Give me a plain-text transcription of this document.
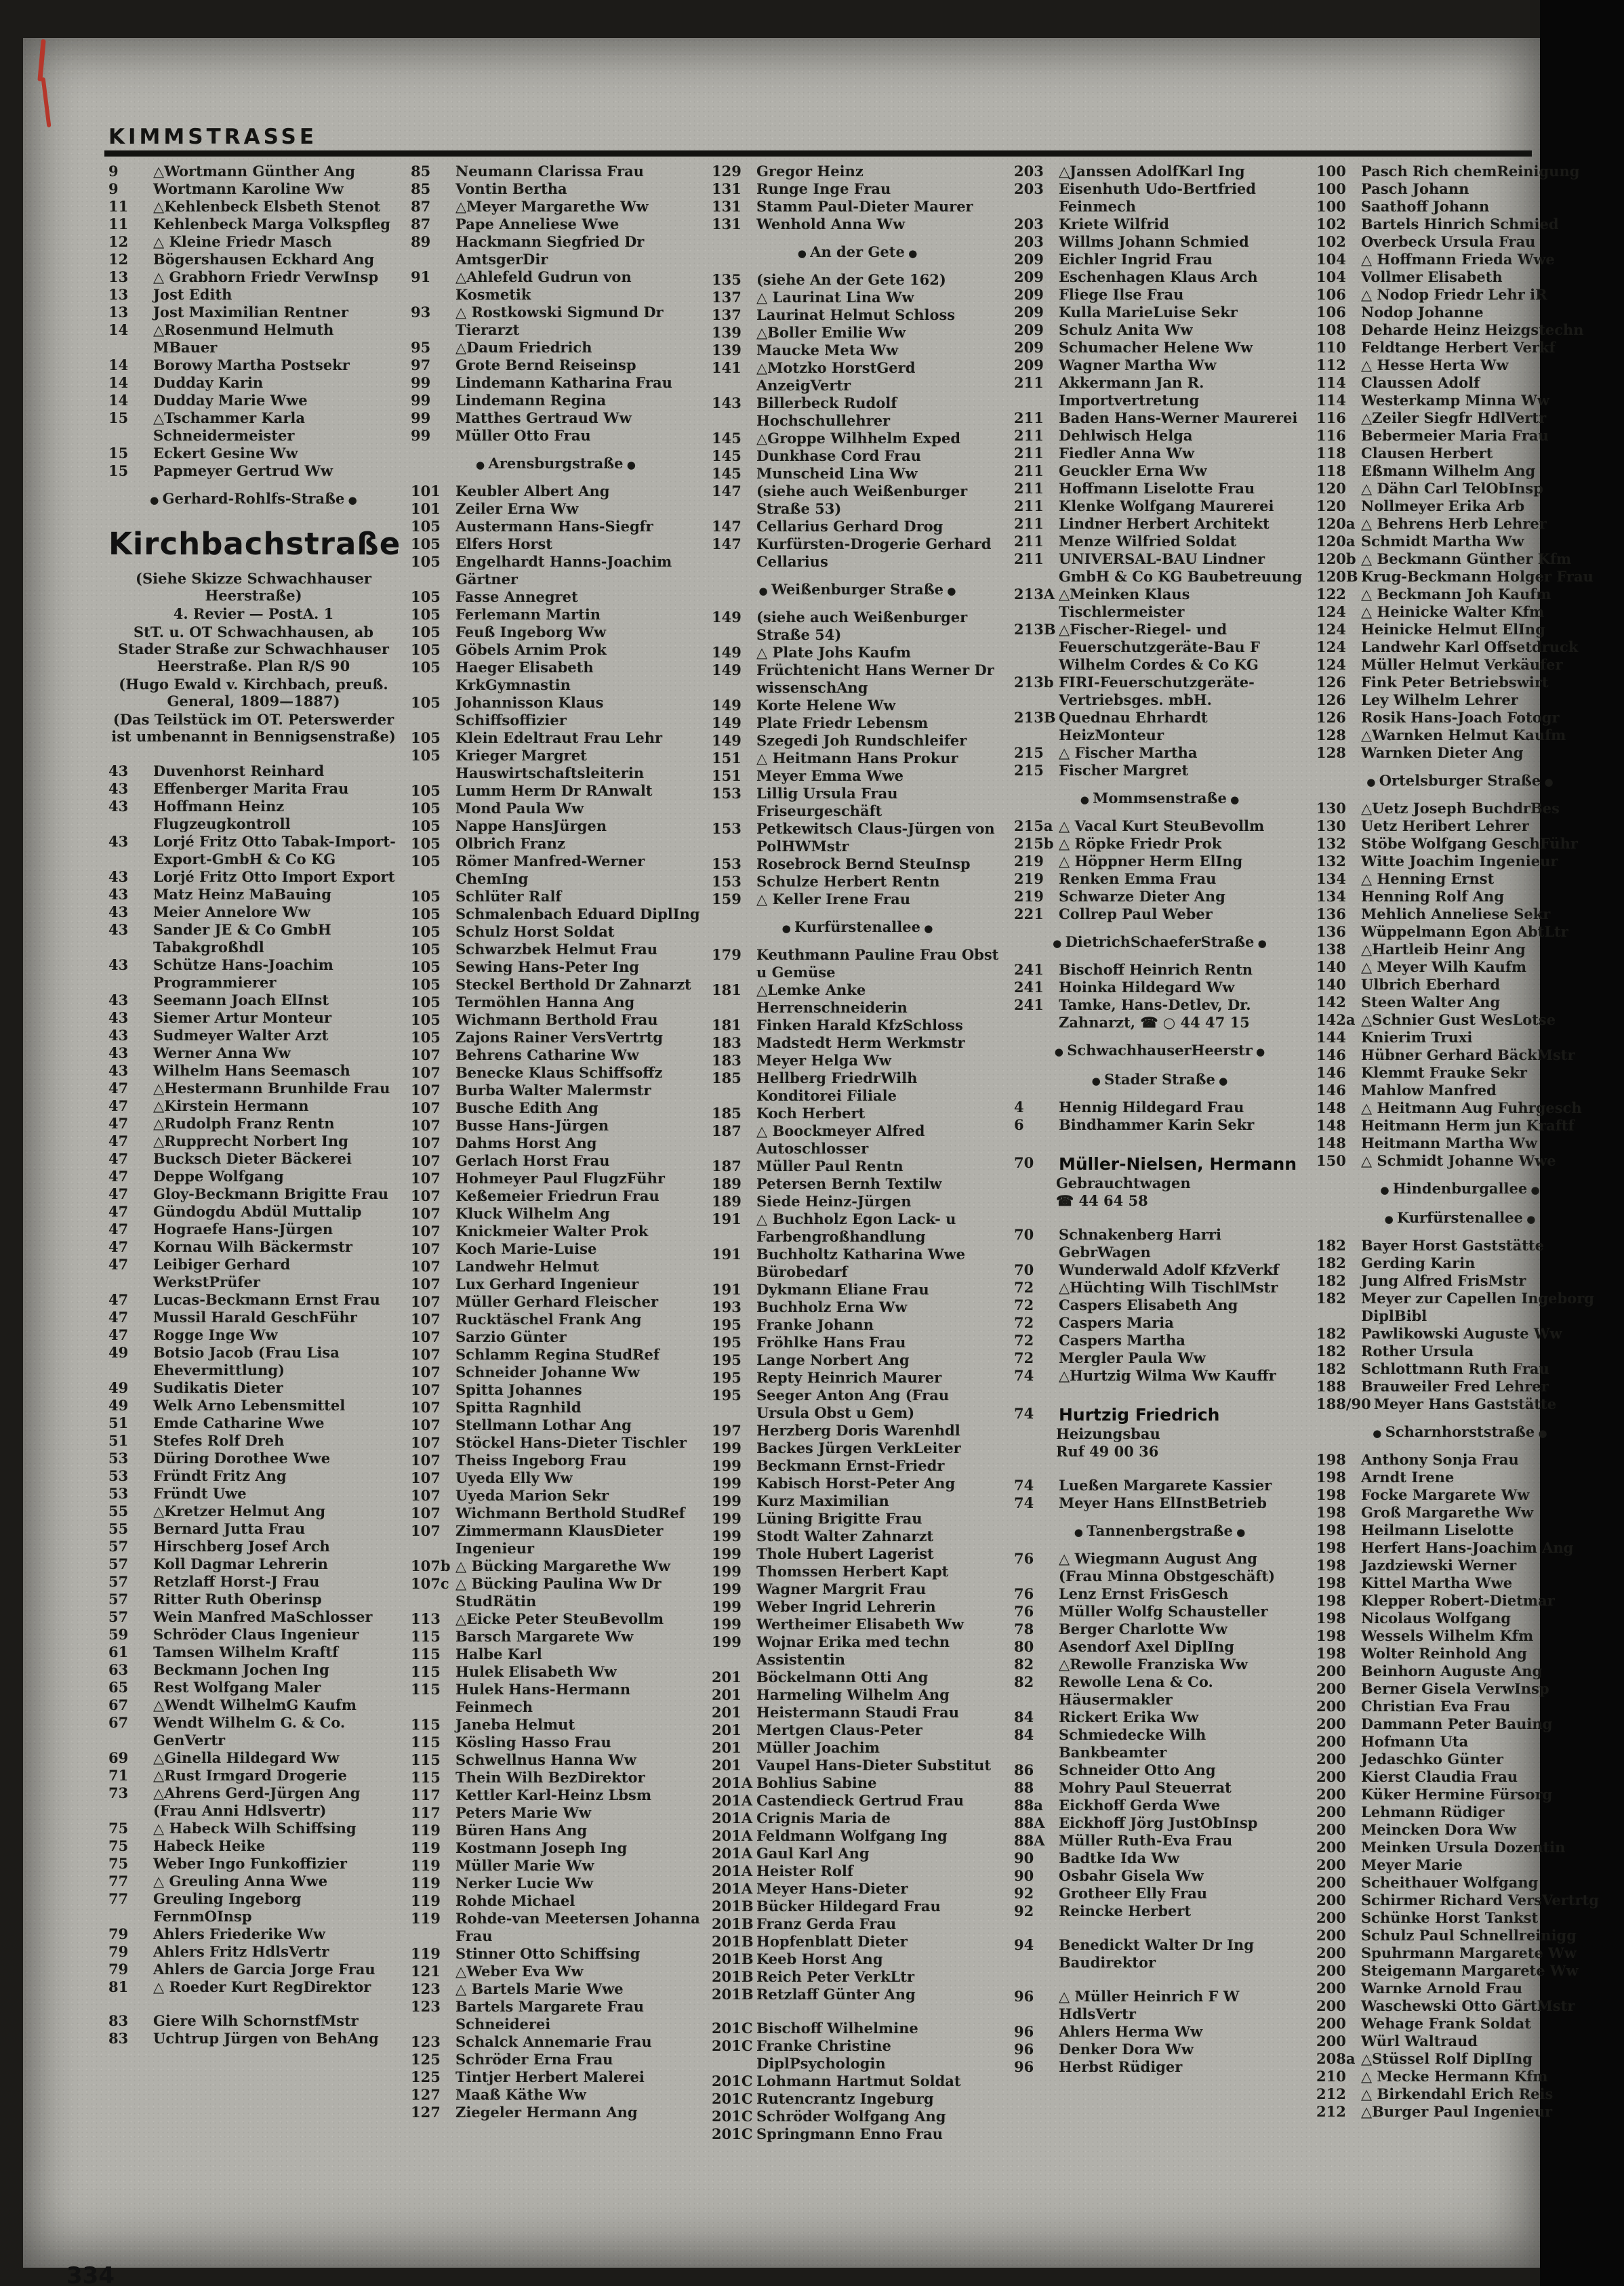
KIMMSTRASSE
9	△Wortmann Günther Ang
9	Wortmann Karoline Ww
11	△Kehlenbeck Elsbeth Stenot
11	Kehlenbeck Marga Volkspfleg
12	△ Kleine Friedr Masch
12	Bögershausen Eckhard Ang
13	△ Grabhorn Friedr VerwInsp
13	Jost Edith
13	Jost Maximilian Rentner
14	△Rosenmund Helmuth MBauer
14	Borowy Martha Postsekr
14	Dudday Karin
14	Dudday Marie Wwe
15	△Tschammer Karla Schneidermeister
15	Eckert Gesine Ww
15	Papmeyer Gertrud Ww
● Gerhard-Rohlfs-Straße ●
Kirchbachstraße
(Siehe Skizze Schwachhauser Heerstraße)
4. Revier — PostA. 1
StT. u. OT Schwachhausen, ab Stader Straße zur Schwachhauser Heerstraße. Plan R/S 90
(Hugo Ewald v. Kirchbach, preuß. General, 1809—1887)
(Das Teilstück im OT. Peterswerder ist umbenannt in Bennigsenstraße)
43	Duvenhorst Reinhard
43	Effenberger Marita Frau
43	Hoffmann Heinz Flugzeugkontroll
43	Lorjé Fritz Otto Tabak-Import-Export-GmbH & Co KG
43	Lorjé Fritz Otto Import Export
43	Matz Heinz MaBauing
43	Meier Annelore Ww
43	Sander JE & Co GmbH Tabakgroßhdl
43	Schütze Hans-Joachim Programmierer
43	Seemann Joach ElInst
43	Siemer Artur Monteur
43	Sudmeyer Walter Arzt
43	Werner Anna Ww
43	Wilhelm Hans Seemasch
47	△Hestermann Brunhilde Frau
47	△Kirstein Hermann
47	△Rudolph Franz Rentn
47	△Rupprecht Norbert Ing
47	Bucksch Dieter Bäckerei
47	Deppe Wolfgang
47	Gloy-Beckmann Brigitte Frau
47	Gündogdu Abdül Muttalip
47	Hograefe Hans-Jürgen
47	Kornau Wilh Bäckermstr
47	Leibiger Gerhard WerkstPrüfer
47	Lucas-Beckmann Ernst Frau
47	Mussil Harald GeschFühr
47	Rogge Inge Ww
49	Botsio Jacob (Frau Lisa Ehevermittlung)
49	Sudikatis Dieter
49	Welk Arno Lebensmittel
51	Emde Catharine Wwe
51	Stefes Rolf Dreh
53	Düring Dorothee Wwe
53	Fründt Fritz Ang
53	Fründt Uwe
55	△Kretzer Helmut Ang
55	Bernard Jutta Frau
57	Hirschberg Josef Arch
57	Koll Dagmar Lehrerin
57	Retzlaff Horst-J Frau
57	Ritter Ruth Oberinsp
57	Wein Manfred MaSchlosser
59	Schröder Claus Ingenieur
61	Tamsen Wilhelm Kraftf
63	Beckmann Jochen Ing
65	Rest Wolfgang Maler
67	△Wendt WilhelmG Kaufm
67	Wendt Wilhelm G. & Co. GenVertr
69	△Ginella Hildegard Ww
71	△Rust Irmgard Drogerie
73	△Ahrens Gerd-Jürgen Ang (Frau Anni Hdlsvertr)
75	△ Habeck Wilh Schiffsing
75	Habeck Heike
75	Weber Ingo Funkoffizier
77	△ Greuling Anna Wwe
77	Greuling Ingeborg FernmOInsp
79	Ahlers Friederike Ww
79	Ahlers Fritz HdlsVertr
79	Ahlers de Garcia Jorge Frau
81	△ Roeder Kurt RegDirektor
83	Giere Wilh SchornstfMstr
83	Uchtrup Jürgen von BehAng
85	Neumann Clarissa Frau
85	Vontin Bertha
87	△Meyer Margarethe Ww
87	Pape Anneliese Wwe
89	Hackmann Siegfried Dr AmtsgerDir
91	△Ahlefeld Gudrun von Kosmetik
93	△ Rostkowski Sigmund Dr Tierarzt
95	△Daum Friedrich
97	Grote Bernd Reiseinsp
99	Lindemann Katharina Frau
99	Lindemann Regina
99	Matthes Gertraud Ww
99	Müller Otto Frau
● Arensburgstraße ●
101	Keubler Albert Ang
101	Zeiler Erna Ww
105	Austermann Hans-Siegfr
105	Elfers Horst
105	Engelhardt Hanns-Joachim Gärtner
105	Fasse Annegret
105	Ferlemann Martin
105	Feuß Ingeborg Ww
105	Göbels Arnim Prok
105	Haeger Elisabeth KrkGymnastin
105	Johannisson Klaus Schiffsoffizier
105	Klein Edeltraut Frau Lehr
105	Krieger Margret Hauswirtschaftsleiterin
105	Lumm Herm Dr RAnwalt
105	Mond Paula Ww
105	Nappe HansJürgen
105	Olbrich Franz
105	Römer Manfred-Werner ChemIng
105	Schlüter Ralf
105	Schmalenbach Eduard DiplIng
105	Schulz Horst Soldat
105	Schwarzbek Helmut Frau
105	Sewing Hans-Peter Ing
105	Steckel Berthold Dr Zahnarzt
105	Termöhlen Hanna Ang
105	Wichmann Berthold Frau
105	Zajons Rainer VersVertrtg
107	Behrens Catharine Ww
107	Benecke Klaus Schiffsoffz
107	Burba Walter Malermstr
107	Busche Edith Ang
107	Busse Hans-Jürgen
107	Dahms Horst Ang
107	Gerlach Horst Frau
107	Hohmeyer Paul FlugzFühr
107	Keßemeier Friedrun Frau
107	Kluck Wilhelm Ang
107	Knickmeier Walter Prok
107	Koch Marie-Luise
107	Landwehr Helmut
107	Lux Gerhard Ingenieur
107	Müller Gerhard Fleischer
107	Rucktäschel Frank Ang
107	Sarzio Günter
107	Schlamm Regina StudRef
107	Schneider Johanne Ww
107	Spitta Johannes
107	Spitta Ragnhild
107	Stellmann Lothar Ang
107	Stöckel Hans-Dieter Tischler
107	Theiss Ingeborg Frau
107	Uyeda Elly Ww
107	Uyeda Marion Sekr
107	Wichmann Berthold StudRef
107	Zimmermann KlausDieter Ingenieur
107b △ Bücking Margarethe Ww
107c △ Bücking Paulina Ww Dr StudRätin
113	△Eicke Peter SteuBevollm
115	Barsch Margarete Ww
115	Halbe Karl
115	Hulek Elisabeth Ww
115	Hulek Hans-Hermann Feinmech
115	Janeba Helmut
115	Kösling Hasso Frau
115	Schwellnus Hanna Ww
115	Thein Wilh BezDirektor
117	Kettler Karl-Heinz Lbsm
117	Peters Marie Ww
119	Büren Hans Ang
119	Kostmann Joseph Ing
119	Müller Marie Ww
119	Nerker Lucie Ww
119	Rohde Michael
119	Rohde-van Meetersen Johanna Frau
119	Stinner Otto Schiffsing
121	△Weber Eva Ww
123	△ Bartels Marie Wwe
123	Bartels Margarete Frau Schneiderei
123	Schalck Annemarie Frau
125	Schröder Erna Frau
125	Tintjer Herbert Malerei
127	Maaß Käthe Ww
127	Ziegeler Hermann Ang
129	Gregor Heinz
131	Runge Inge Frau
131	Stamm Paul-Dieter Maurer
131	Wenhold Anna Ww
● An der Gete ●
135	(siehe An der Gete 162)
137	△ Laurinat Lina Ww
137	Laurinat Helmut Schloss
139	△Boller Emilie Ww
139	Maucke Meta Ww
141	△Motzko HorstGerd AnzeigVertr
143	Billerbeck Rudolf Hochschullehrer
145	△Groppe Wilhhelm Exped
145	Dunkhase Cord Frau
145	Munscheid Lina Ww
147	(siehe auch Weißenburger Straße 53)
147	Cellarius Gerhard Drog
147	Kurfürsten-Drogerie Gerhard Cellarius
● Weißenburger Straße ●
149	(siehe auch Weißenburger Straße 54)
149	△ Plate Johs Kaufm
149	Früchtenicht Hans Werner Dr wissenschAng
149	Korte Helene Ww
149	Plate Friedr Lebensm
149	Szegedi Joh Rundschleifer
151	△ Heitmann Hans Prokur
151	Meyer Emma Wwe
153	Lillig Ursula Frau Friseurgeschäft
153	Petkewitsch Claus-Jürgen von PolHWMstr
153	Rosebrock Bernd SteuInsp
153	Schulze Herbert Rentn
159	△ Keller Irene Frau
● Kurfürstenallee ●
179	Keuthmann Pauline Frau Obst u Gemüse
181	△Lemke Anke Herrenschneiderin
181	Finken Harald KfzSchloss
183	Madstedt Herm Werkmstr
183	Meyer Helga Ww
185	Hellberg FriedrWilh Konditorei Filiale
185	Koch Herbert
187	△ Boockmeyer Alfred Autoschlosser
187	Müller Paul Rentn
189	Petersen Bernh Textilw
189	Siede Heinz-Jürgen
191	△ Buchholz Egon Lack- u Farbengroßhandlung
191	Buchholtz Katharina Wwe Bürobedarf
191	Dykmann Eliane Frau
193	Buchholz Erna Ww
195	Franke Johann
195	Fröhlke Hans Frau
195	Lange Norbert Ang
195	Repty Heinrich Maurer
195	Seeger Anton Ang (Frau Ursula Obst u Gem)
197	Herzberg Doris Warenhdl
199	Backes Jürgen VerkLeiter
199	Beckmann Ernst-Friedr
199	Kabisch Horst-Peter Ang
199	Kurz Maximilian
199	Lüning Brigitte Frau
199	Stodt Walter Zahnarzt
199	Thole Hubert Lagerist
199	Thomssen Herbert Kapt
199	Wagner Margrit Frau
199	Weber Ingrid Lehrerin
199	Wertheimer Elisabeth Ww
199	Wojnar Erika med techn Assistentin
201	Böckelmann Otti Ang
201	Harmeling Wilhelm Ang
201	Heistermann Staudi Frau
201	Mertgen Claus-Peter
201	Müller Joachim
201	Vaupel Hans-Dieter Substitut
201A Bohlius Sabine
201A Castendieck Gertrud Frau
201A Crignis Maria de
201A Feldmann Wolfgang Ing
201A Gaul Karl Ang
201A Heister Rolf
201A Meyer Hans-Dieter
201B Bücker Hildegard Frau
201B Franz Gerda Frau
201B Hopfenblatt Dieter
201B Keeb Horst Ang
201B Reich Peter VerkLtr
201B Retzlaff Günter Ang
201C Bischoff Wilhelmine
201C Franke Christine DiplPsychologin
201C Lohmann Hartmut Soldat
201C Rutencrantz Ingeburg
201C Schröder Wolfgang Ang
201C Springmann Enno Frau
203	△Janssen AdolfKarl Ing
203	Eisenhuth Udo-Bertfried Feinmech
203	Kriete Wilfrid
203	Willms Johann Schmied
209	Eichler Ingrid Frau
209	Eschenhagen Klaus Arch
209	Fliege Ilse Frau
209	Kulla MarieLuise Sekr
209	Schulz Anita Ww
209	Schumacher Helene Ww
209	Wagner Martha Ww
211	Akkermann Jan R. Importvertretung
211	Baden Hans-Werner Maurerei
211	Dehlwisch Helga
211	Fiedler Anna Ww
211	Geuckler Erna Ww
211	Hoffmann Liselotte Frau
211	Klenke Wolfgang Maurerei
211	Lindner Herbert Architekt
211	Menze Wilfried Soldat
211	UNIVERSAL-BAU Lindner GmbH & Co KG Baubetreuung
213A △Meinken Klaus Tischlermeister
213B △Fischer-Riegel- und Feuerschutzgeräte-Bau F Wilhelm Cordes & Co KG
213b FIRI-Feuerschutzgeräte-Vertriebsges. mbH.
213B Quednau Ehrhardt HeizMonteur
215	△ Fischer Martha
215	Fischer Margret
● Mommsenstraße ●
215a △ Vacal Kurt SteuBevollm
215b △ Röpke Friedr Prok
219	△ Höppner Herm ElIng
219	Renken Emma Frau
219	Schwarze Dieter Ang
221	Collrep Paul Weber
● DietrichSchaeferStraße ●
241	Bischoff Heinrich Rentn
241	Hoinka Hildegard Ww
241	Tamke, Hans-Detlev, Dr. Zahnarzt, ☎ ○ 44 47 15
● SchwachhauserHeerstr ●
● Stader Straße ●
4	Hennig Hildegard Frau
6	Bindhammer Karin Sekr
70	Müller-Nielsen, Hermann
Gebrauchtwagen
☎ 44 64 58
70	Schnakenberg Harri GebrWagen
70	Wunderwald Adolf KfzVerkf
72	△Hüchting Wilh TischlMstr
72	Caspers Elisabeth Ang
72	Caspers Maria
72	Caspers Martha
72	Mergler Paula Ww
74	△Hurtzig Wilma Ww Kauffr
74	Hurtzig Friedrich
Heizungsbau
Ruf 49 00 36
74	Lueßen Margarete Kassier
74	Meyer Hans ElInstBetrieb
● Tannenbergstraße ●
76	△ Wiegmann August Ang (Frau Minna Obstgeschäft)
76	Lenz Ernst FrisGesch
76	Müller Wolfg Schausteller
78	Berger Charlotte Ww
80	Asendorf Axel DiplIng
82	△Rewolle Franziska Ww
82	Rewolle Lena & Co. Häusermakler
84	Rickert Erika Ww
84	Schmiedecke Wilh Bankbeamter
86	Schneider Otto Ang
88	Mohry Paul Steuerrat
88a	Eickhoff Gerda Wwe
88A Eickhoff Jörg JustObInsp
88A Müller Ruth-Eva Frau
90	Badtke Ida Ww
90	Osbahr Gisela Ww
92	Grotheer Elly Frau
92	Reincke Herbert
94	Benedickt Walter Dr Ing Baudirektor
96	△ Müller Heinrich F W HdlsVertr
96	Ahlers Herma Ww
96	Denker Dora Ww
96	Herbst Rüdiger
100	Pasch Rich chemReinigung
100	Pasch Johann
100	Saathoff Johann
102	Bartels Hinrich Schmied
102	Overbeck Ursula Frau
104	△ Hoffmann Frieda Wwe
104	Vollmer Elisabeth
106	△ Nodop Friedr Lehr iR
106	Nodop Johanne
108	Deharde Heinz Heizgstechn
110	Feldtange Herbert Verkf
112	△ Hesse Herta Ww
114	Claussen Adolf
114	Westerkamp Minna Ww
116	△Zeiler Siegfr HdlVertr
116	Bebermeier Maria Frau
118	Clausen Herbert
118	Eßmann Wilhelm Ang
120	△ Dähn Carl TelObInsp
120	Nollmeyer Erika Arb
120a △ Behrens Herb Lehrer
120a Schmidt Martha Ww
120b △ Beckmann Günther Kfm
120B Krug-Beckmann Holger Frau
122	△ Beckmann Joh Kaufm
124	△ Heinicke Walter Kfm
124	Heinicke Helmut ElIng
124	Landwehr Karl Offsetdruck
124	Müller Helmut Verkäufer
126	Fink Peter Betriebswirt
126	Ley Wilhelm Lehrer
126	Rosik Hans-Joach Fotogr
128	△Warnken Helmut Kaufm
128	Warnken Dieter Ang
● Ortelsburger Straße ●
130	△Uetz Joseph BuchdrBes
130	Uetz Heribert Lehrer
132	Stöbe Wolfgang GeschFühr
132	Witte Joachim Ingenieur
134	△ Henning Ernst
134	Henning Rolf Ang
136	Mehlich Anneliese Sekr
136	Wüppelmann Egon AbtLtr
138	△Hartleib Heinr Ang
140	△ Meyer Wilh Kaufm
140	Ulbrich Eberhard
142	Steen Walter Ang
142a △Schnier Gust WesLotse
144	Knierim Truxi
146	Hübner Gerhard BäckMstr
146	Klemmt Frauke Sekr
146	Mahlow Manfred
148	△ Heitmann Aug Fuhrgesch
148	Heitmann Herm jun Kraftf
148	Heitmann Martha Ww
150	△ Schmidt Johanne Wwe
● Hindenburgallee ●
● Kurfürstenallee ●
182	Bayer Horst Gaststätte
182	Gerding Karin
182	Jung Alfred FrisMstr
182	Meyer zur Capellen Ingeborg DiplBibl
182	Pawlikowski Auguste Ww
182	Rother Ursula
182	Schlottmann Ruth Frau
188	Brauweiler Fred Lehrer
188/90 Meyer Hans Gaststätte
● Scharnhorststraße ●
198	Anthony Sonja Frau
198	Arndt Irene
198	Focke Margarete Ww
198	Groß Margarethe Ww
198	Heilmann Liselotte
198	Herfert Hans-Joachim Ang
198	Jazdziewski Werner
198	Kittel Martha Wwe
198	Klepper Robert-Dietmar
198	Nicolaus Wolfgang
198	Wessels Wilhelm Kfm
198	Wolter Reinhold Ang
200	Beinhorn Auguste Ang
200	Berner Gisela VerwInsp
200	Christian Eva Frau
200	Dammann Peter Bauing
200	Hofmann Uta
200	Jedaschko Günter
200	Kierst Claudia Frau
200	Küker Hermine Fürsorg
200	Lehmann Rüdiger
200	Meincken Dora Ww
200	Meinken Ursula Dozentin
200	Meyer Marie
200	Scheithauer Wolfgang
200	Schirmer Richard VersVertrtg
200	Schünke Horst Tankst
200	Schulz Paul Schnellreinigg
200	Spuhrmann Margarete Ww
200	Steigemann Margarete Ww
200	Warnke Arnold Frau
200	Waschewski Otto GärtMstr
200	Wehage Frank Soldat
200	Würl Waltraud
208a △Stüssel Rolf DiplIng
210	△ Mecke Hermann Kfm
212	△ Birkendahl Erich Reis
212	△Burger Paul Ingenieur
334
